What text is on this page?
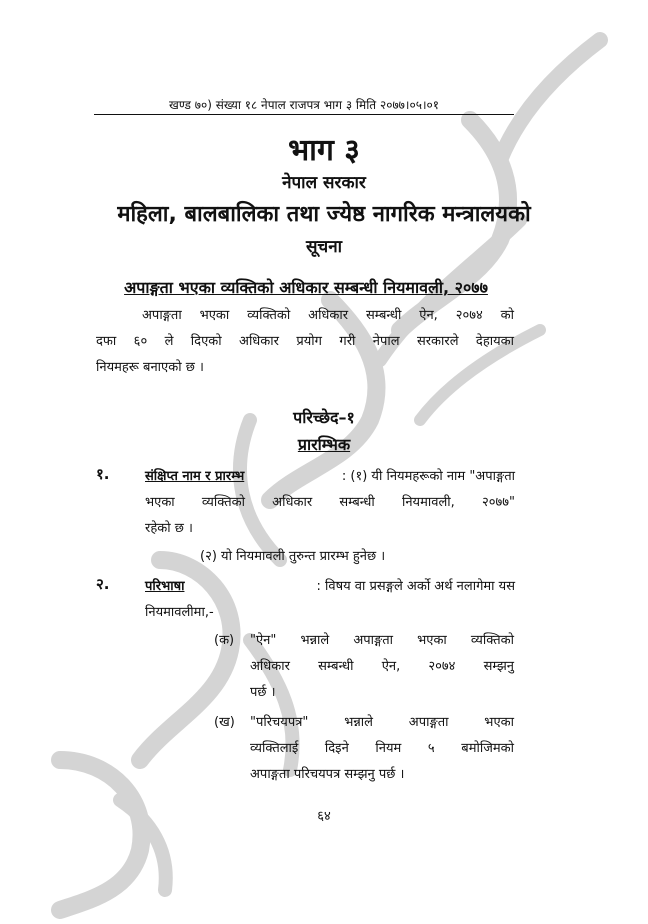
खण्ड ७०) संख्या १८ नेपाल राजपत्र भाग ३ मिति २०७७।०५।०१
भाग ३
नेपाल सरकार
महिला, बालबालिका तथा ज्येष्ठ नागरिक मन्त्रालयको
सूचना
अपाङ्गता भएका व्यक्तिको अधिकार सम्बन्धी नियमावली, २०७७
अपाङ्गता भएका व्यक्तिको अधिकार सम्बन्धी ऐन, २०७४ को
दफा ६० ले दिएको अधिकार प्रयोग गरी नेपाल सरकारले देहायका
नियमहरू बनाएको छ ।
परिच्छेद–१
प्रारम्भिक
१.	संक्षिप्त नाम र प्रारम्भ	: (१) यी नियमहरूको नाम "अपाङ्गता
भएका व्यक्तिको अधिकार सम्बन्धी नियमावली, २०७७"
रहेको छ ।
(२) यो नियमावली तुरुन्त प्रारम्भ हुनेछ ।
२.	परिभाषा	: विषय वा प्रसङ्गले अर्को अर्थ नलागेमा यस
नियमावलीमा,-
(क) "ऐन" भन्नाले अपाङ्गता भएका व्यक्तिको
अधिकार सम्बन्धी ऐन, २०७४ सम्झनु
पर्छ ।
(ख) "परिचयपत्र" भन्नाले अपाङ्गता भएका
व्यक्तिलाई दिइने नियम ५ बमोजिमको
अपाङ्गता परिचयपत्र सम्झनु पर्छ ।
६४
